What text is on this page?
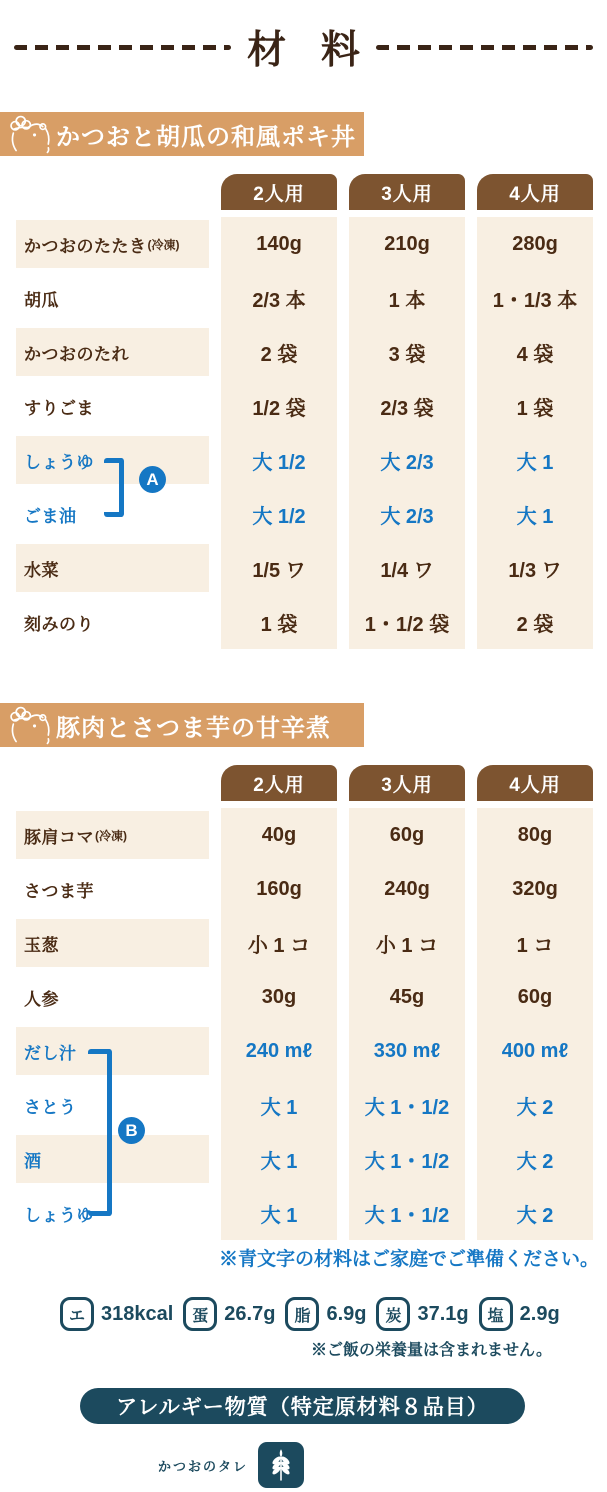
材 料
かつおと胡瓜の和風ポキ丼
2人用	3人用	4人用
かつおのたたき (冷凍)	140g	210g	280g
胡瓜	2/3 本	1 本	1・1/3 本
かつおのたれ	2 袋	3 袋	4 袋
すりごま	1/2 袋	2/3 袋	1 袋
しょうゆ	大 1/2	大 2/3	大 1
ごま油	大 1/2	大 2/3	大 1
水菜	1/5 ワ	1/4 ワ	1/3 ワ
刻みのり	1 袋	1・1/2 袋	2 袋
A
豚肉とさつま芋の甘辛煮
2人用	3人用	4人用
豚肩コマ (冷凍)	40g	60g	80g
さつま芋	160g	240g	320g
玉葱	小 1 コ	小 1 コ	1 コ
人参	30g	45g	60g
だし汁	240 mℓ	330 mℓ	400 mℓ
さとう	大 1	大 1・1/2	大 2
酒	大 1	大 1・1/2	大 2
しょうゆ	大 1	大 1・1/2	大 2
B
※青文字の材料はご家庭でご準備ください。
エ 318kcal	蛋 26.7g	脂 6.9g	炭 37.1g	塩 2.9g
※ご飯の栄養量は含まれません。
アレルギー物質（特定原材料８品目）
かつおのタレ
